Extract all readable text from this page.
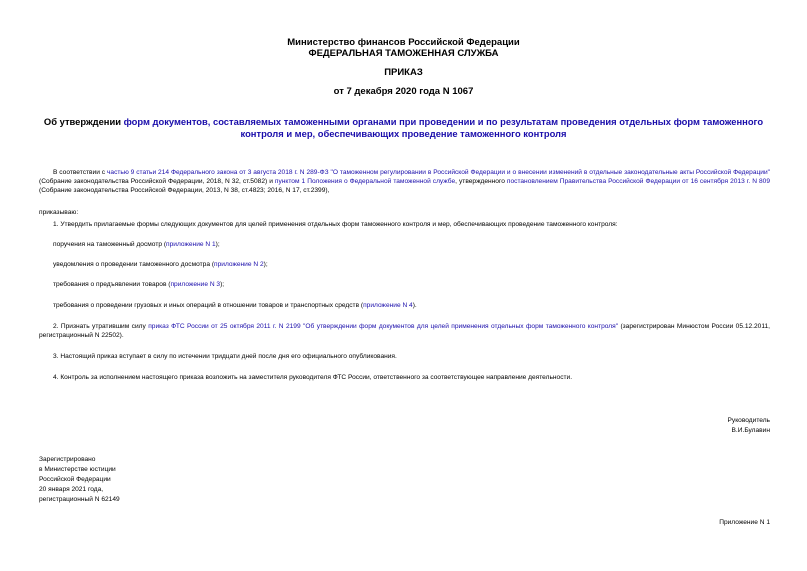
Министерство финансов Российской Федерации
ФЕДЕРАЛЬНАЯ ТАМОЖЕННАЯ СЛУЖБА
ПРИКАЗ
от 7 декабря 2020 года N 1067
Об утверждении форм документов, составляемых таможенными органами при проведении и по результатам проведения отдельных форм таможенного контроля и мер, обеспечивающих проведение таможенного контроля
В соответствии с частью 9 статьи 214 Федерального закона от 3 августа 2018 г. N 289-ФЗ "О таможенном регулировании в Российской Федерации и о внесении изменений в отдельные законодательные акты Российской Федерации" (Собрание законодательства Российской Федерации, 2018, N 32, ст.5082) и пунктом 1 Положения о Федеральной таможенной службе, утвержденного постановлением Правительства Российской Федерации от 16 сентября 2013 г. N 809 (Собрание законодательства Российской Федерации, 2013, N 38, ст.4823; 2016, N 17, ст.2399),
приказываю:
1. Утвердить прилагаемые формы следующих документов для целей применения отдельных форм таможенного контроля и мер, обеспечивающих проведение таможенного контроля:
поручения на таможенный досмотр (приложение N 1);
уведомления о проведении таможенного досмотра (приложение N 2);
требования о предъявлении товаров (приложение N 3);
требования о проведении грузовых и иных операций в отношении товаров и транспортных средств (приложение N 4).
2. Признать утратившим силу приказ ФТС России от 25 октября 2011 г. N 2199 "Об утверждении форм документов для целей применения отдельных форм таможенного контроля" (зарегистрирован Минюстом России 05.12.2011, регистрационный N 22502).
3. Настоящий приказ вступает в силу по истечении тридцати дней после дня его официального опубликования.
4. Контроль за исполнением настоящего приказа возложить на заместителя руководителя ФТС России, ответственного за соответствующее направление деятельности.
Руководитель
В.И.Булавин
Зарегистрировано
в Министерстве юстиции
Российской Федерации
20 января 2021 года,
регистрационный N 62149
Приложение N 1
